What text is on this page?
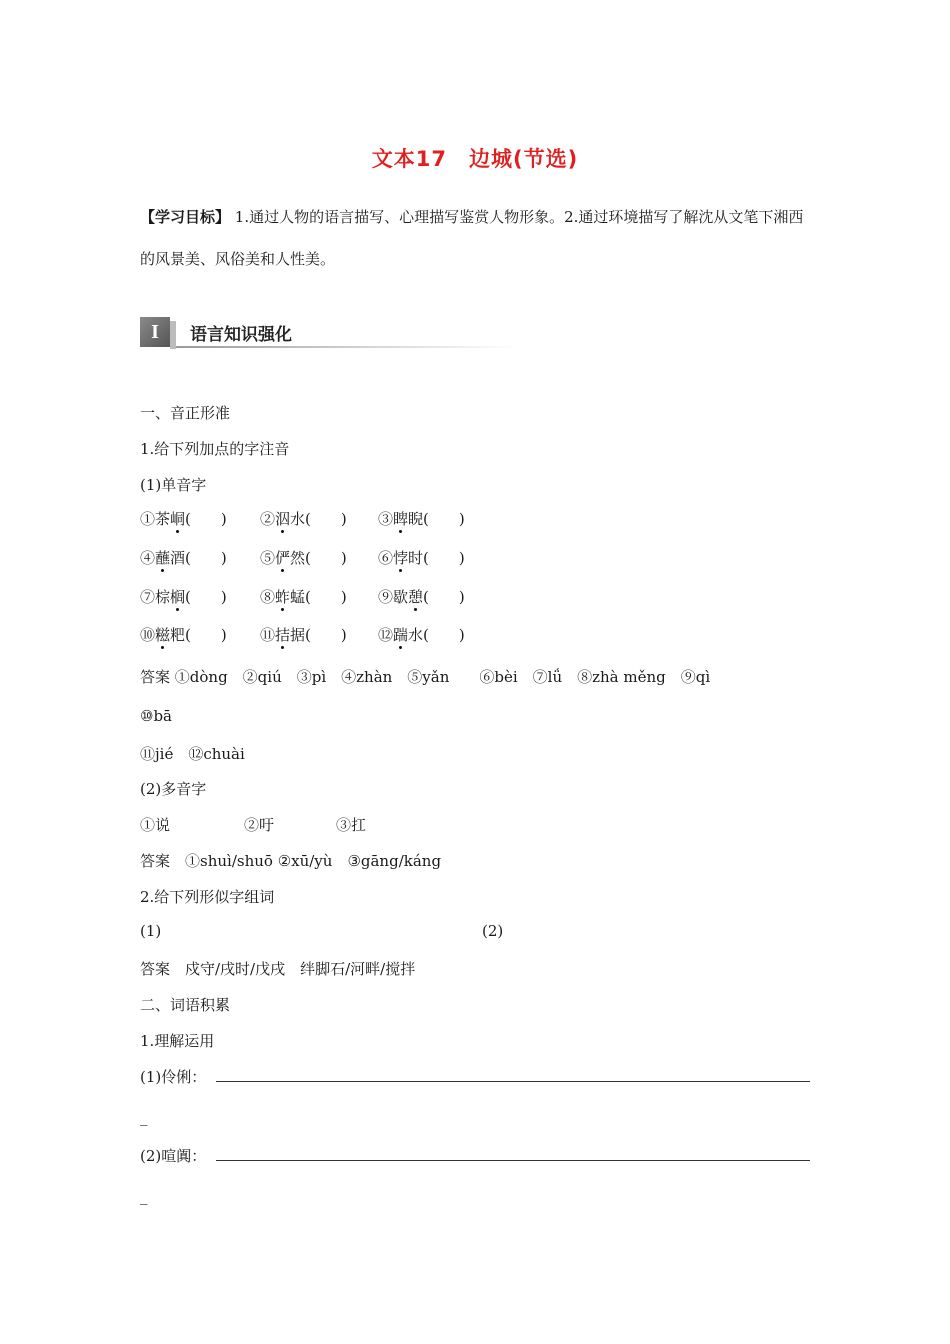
文本17　边城(节选)
【学习目标】 1.通过人物的语言描写、心理描写鉴赏人物形象。2.通过环境描写了解沈从文笔下湘西的风景美、风俗美和人性美。
I	语言知识强化
一、音正形准
1.给下列加点的字注音
(1)单音字
①茶峒(　　) ②泅水(　　) ③睥睨(　　)
④蘸酒(　　) ⑤俨然(　　) ⑥悖时(　　)
⑦棕榈(　　) ⑧蚱蜢(　　) ⑨歇憩(　　)
⑩糍粑(　　) ⑪拮据(　　) ⑫踹水(　　)
答案 ①dòng　②qiú　③pì　④zhàn　⑤yǎn　　⑥bèi　⑦lǘ　⑧zhà měng　⑨qì
⑩bā
⑪jié　⑫chuài
(2)多音字
①说	②吁	③扛
答案　①shuì/shuō ②xū/yù　③gāng/káng
2.给下列形似字组词
(1)	(2)
答案　戍守/戌时/戊戌　绊脚石/河畔/搅拌
二、词语积累
1.理解运用
(1)伶俐：
_
(2)喧阗：
_
